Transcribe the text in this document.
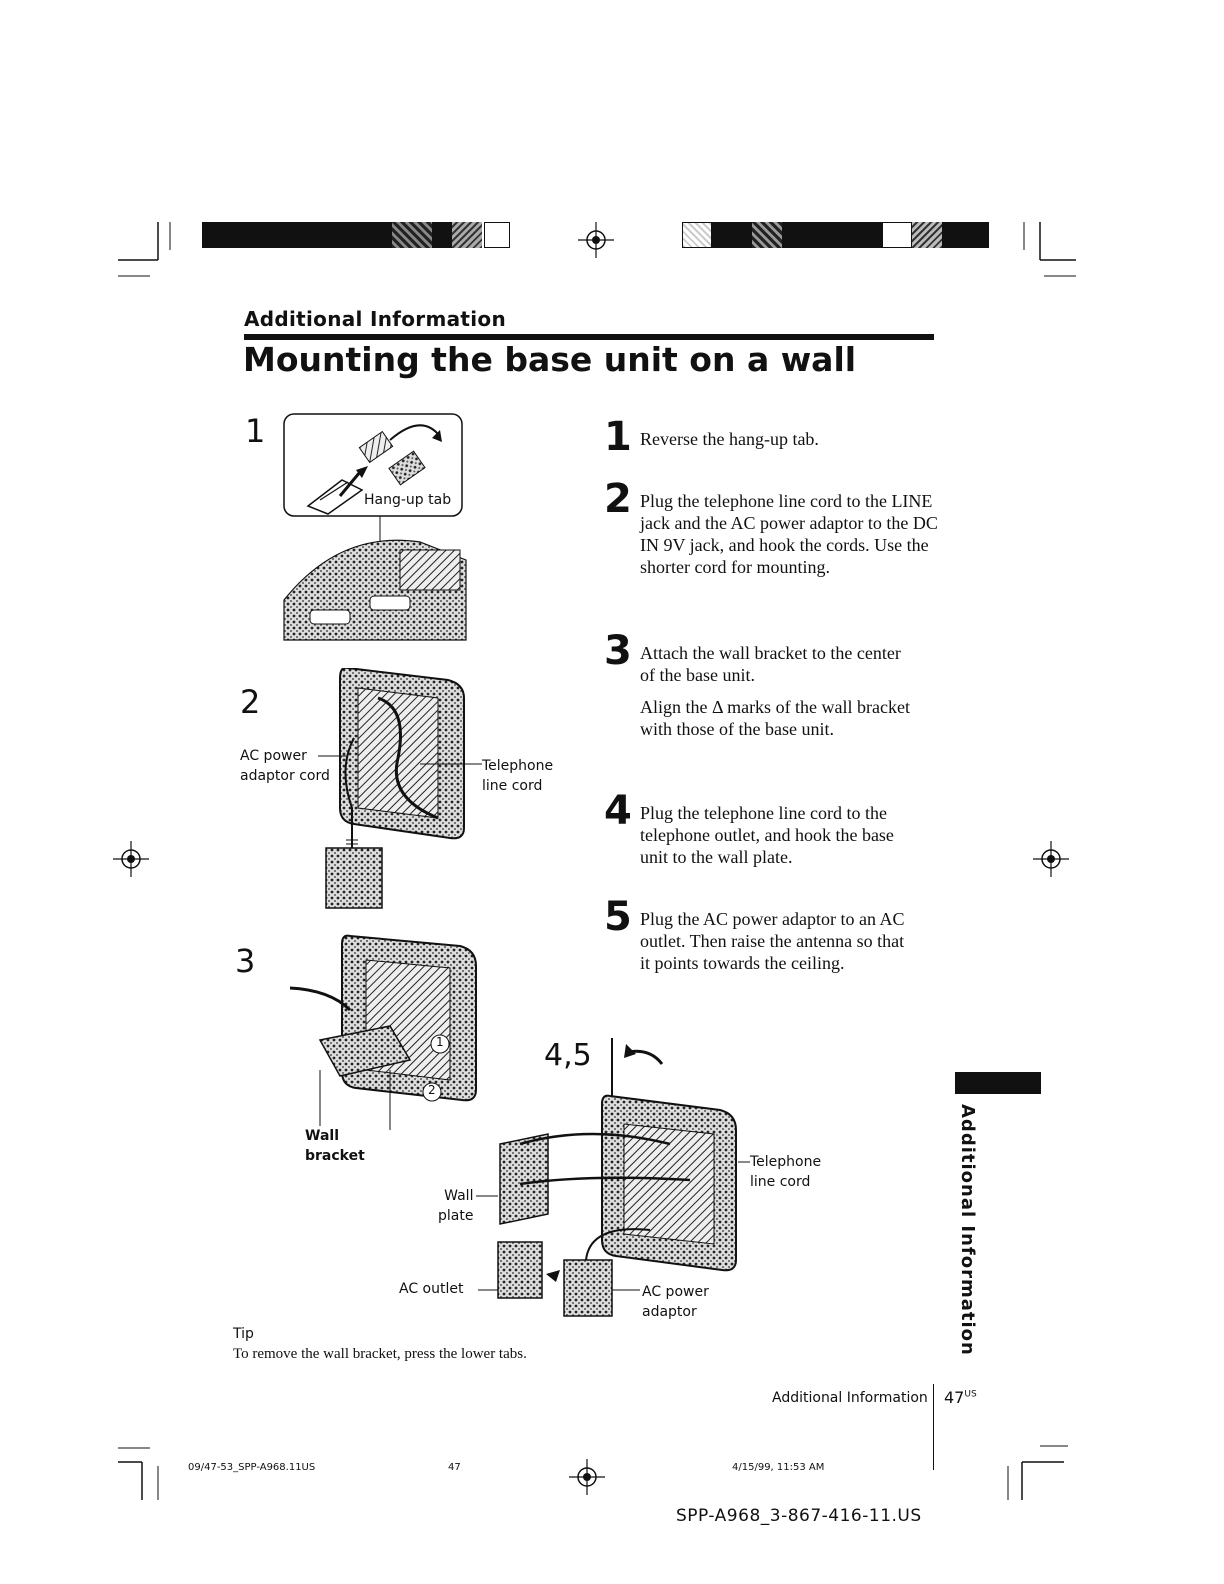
Additional Information
Mounting the base unit on a wall
1
Hang-up tab
2
AC power
adaptor cord
Telephone
line cord
3
1
2
Wall
bracket
4,5
Telephone
line cord
Wall
plate
AC outlet	AC power
adaptor
1 Reverse the hang-up tab.
2 Plug the telephone line cord to the LINE jack and the AC power adaptor to the DC IN 9V jack, and hook the cords. Use the shorter cord for mounting.
3 Attach the wall bracket to the center of the base unit.
Align the Δ marks of the wall bracket with those of the base unit.
4 Plug the telephone line cord to the telephone outlet, and hook the base unit to the wall plate.
5 Plug the AC power adaptor to an AC outlet. Then raise the antenna so that it points towards the ceiling.
Tip
To remove the wall bracket, press the lower tabs.	Additional Information
Additional Information $47^{US}$
09/47-53_SPP-A968.11US	47	4/15/99, 11:53 AM
SPP-A968_3-867-416-11.US
